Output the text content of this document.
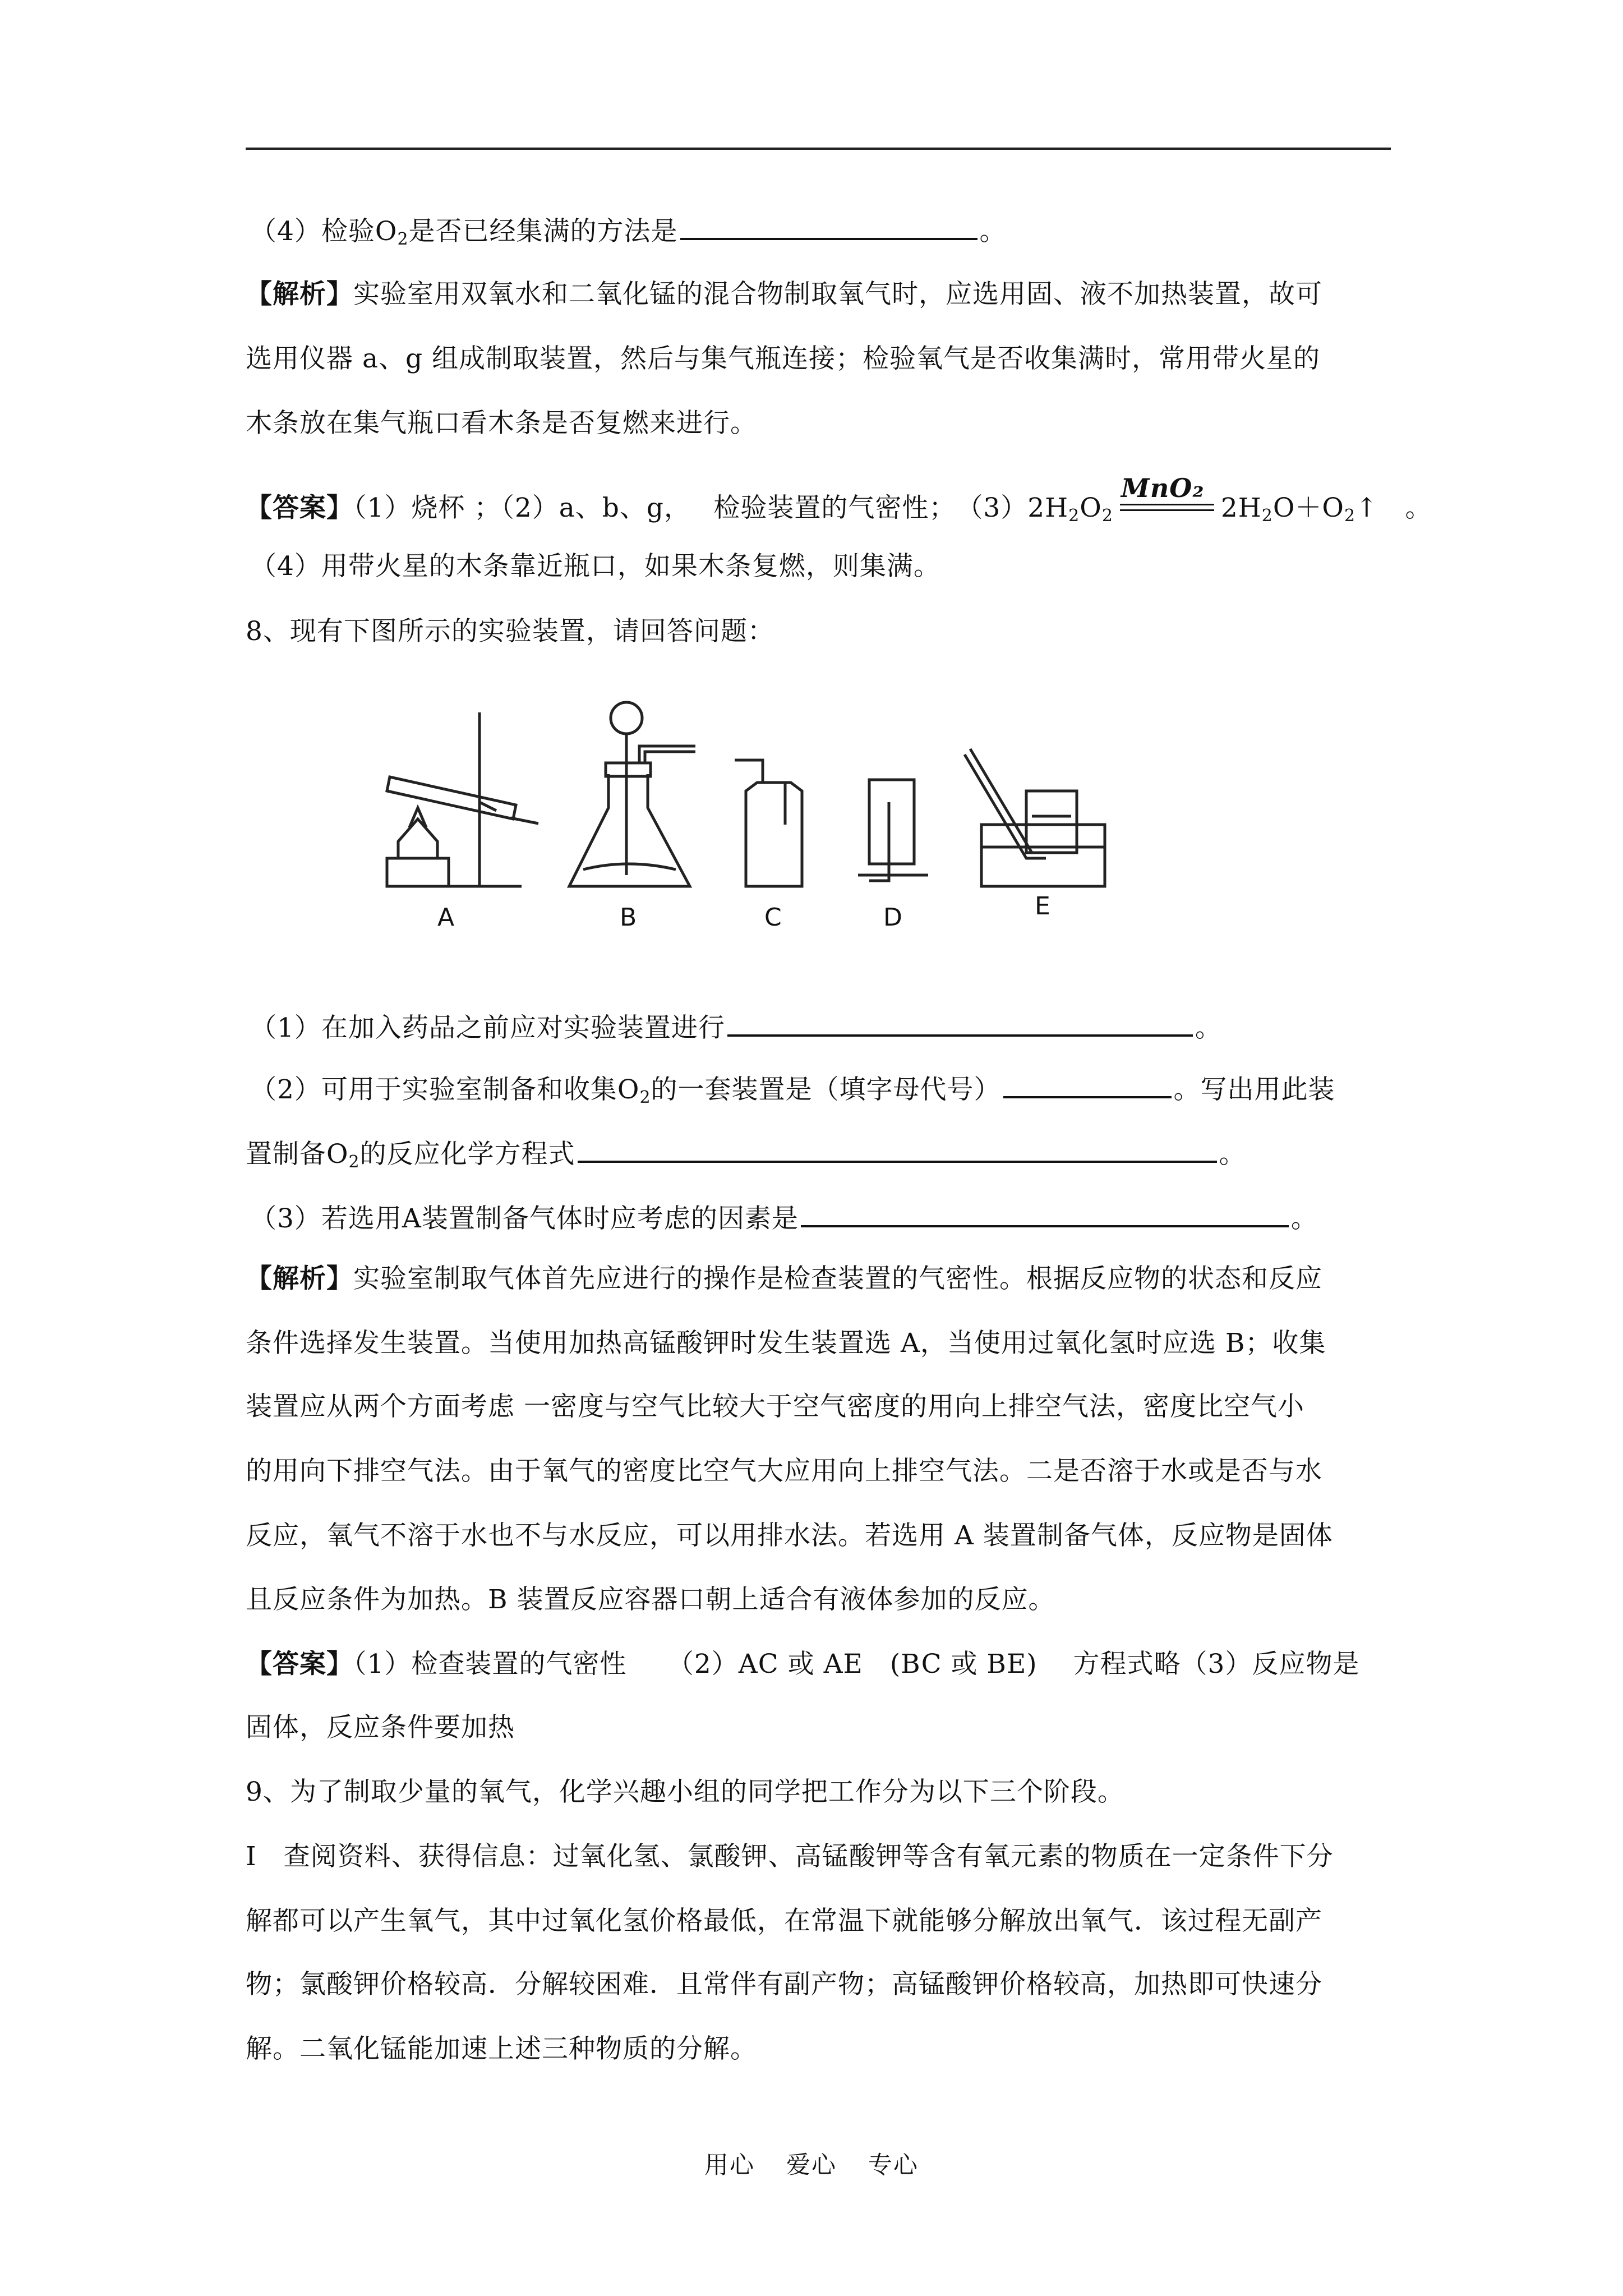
（4）检验$O_2$是否已经集满的方法是	。
【解析】实验室用双氧水和二氧化锰的混合物制取氧气时，应选用固、液不加热装置，故可
选用仪器 a、g 组成制取装置，然后与集气瓶连接；检验氧气是否收集满时，常用带火星的
木条放在集气瓶口看木条是否复燃来进行。
【答案】（1）烧杯 ；（2）a、b、g，　 检验装置的气密性；　$(3)2H_2O_2$
MnO₂
$2H_2O+O_2↑$　。
（4）用带火星的木条靠近瓶口，如果木条复燃，则集满。
8、现有下图所示的实验装置，请回答问题：
A	B	C	D	E
（1）在加入药品之前应对实验装置进行	。
（2）可用于实验室制备和收集$O_2$的一套装置是（填字母代号）	。写出用此装
置制备$O_2$的反应化学方程式	。
（3）若选用A装置制备气体时应考虑的因素是	。
【解析】实验室制取气体首先应进行的操作是检查装置的气密性。根据反应物的状态和反应
条件选择发生装置。当使用加热高锰酸钾时发生装置选 A，当使用过氧化氢时应选 B；收集
装置应从两个方面考虑 一密度与空气比较大于空气密度的用向上排空气法，密度比空气小
的用向下排空气法。由于氧气的密度比空气大应用向上排空气法。二是否溶于水或是否与水
反应，氧气不溶于水也不与水反应，可以用排水法。若选用 A 装置制备气体，反应物是固体
且反应条件为加热。B 装置反应容器口朝上适合有液体参加的反应。
【答案】（1）检查装置的气密性　　（2）AC 或 AE　(BC 或 BE)　 方程式略（3）反应物是
固体，反应条件要加热
9、为了制取少量的氧气，化学兴趣小组的同学把工作分为以下三个阶段。
I　查阅资料、获得信息：过氧化氢、氯酸钾、高锰酸钾等含有氧元素的物质在一定条件下分
解都可以产生氧气，其中过氧化氢价格最低，在常温下就能够分解放出氧气．该过程无副产
物；氯酸钾价格较高．分解较困难．且常伴有副产物；高锰酸钾价格较高，加热即可快速分
解。二氧化锰能加速上述三种物质的分解。
用心 爱心 专心
